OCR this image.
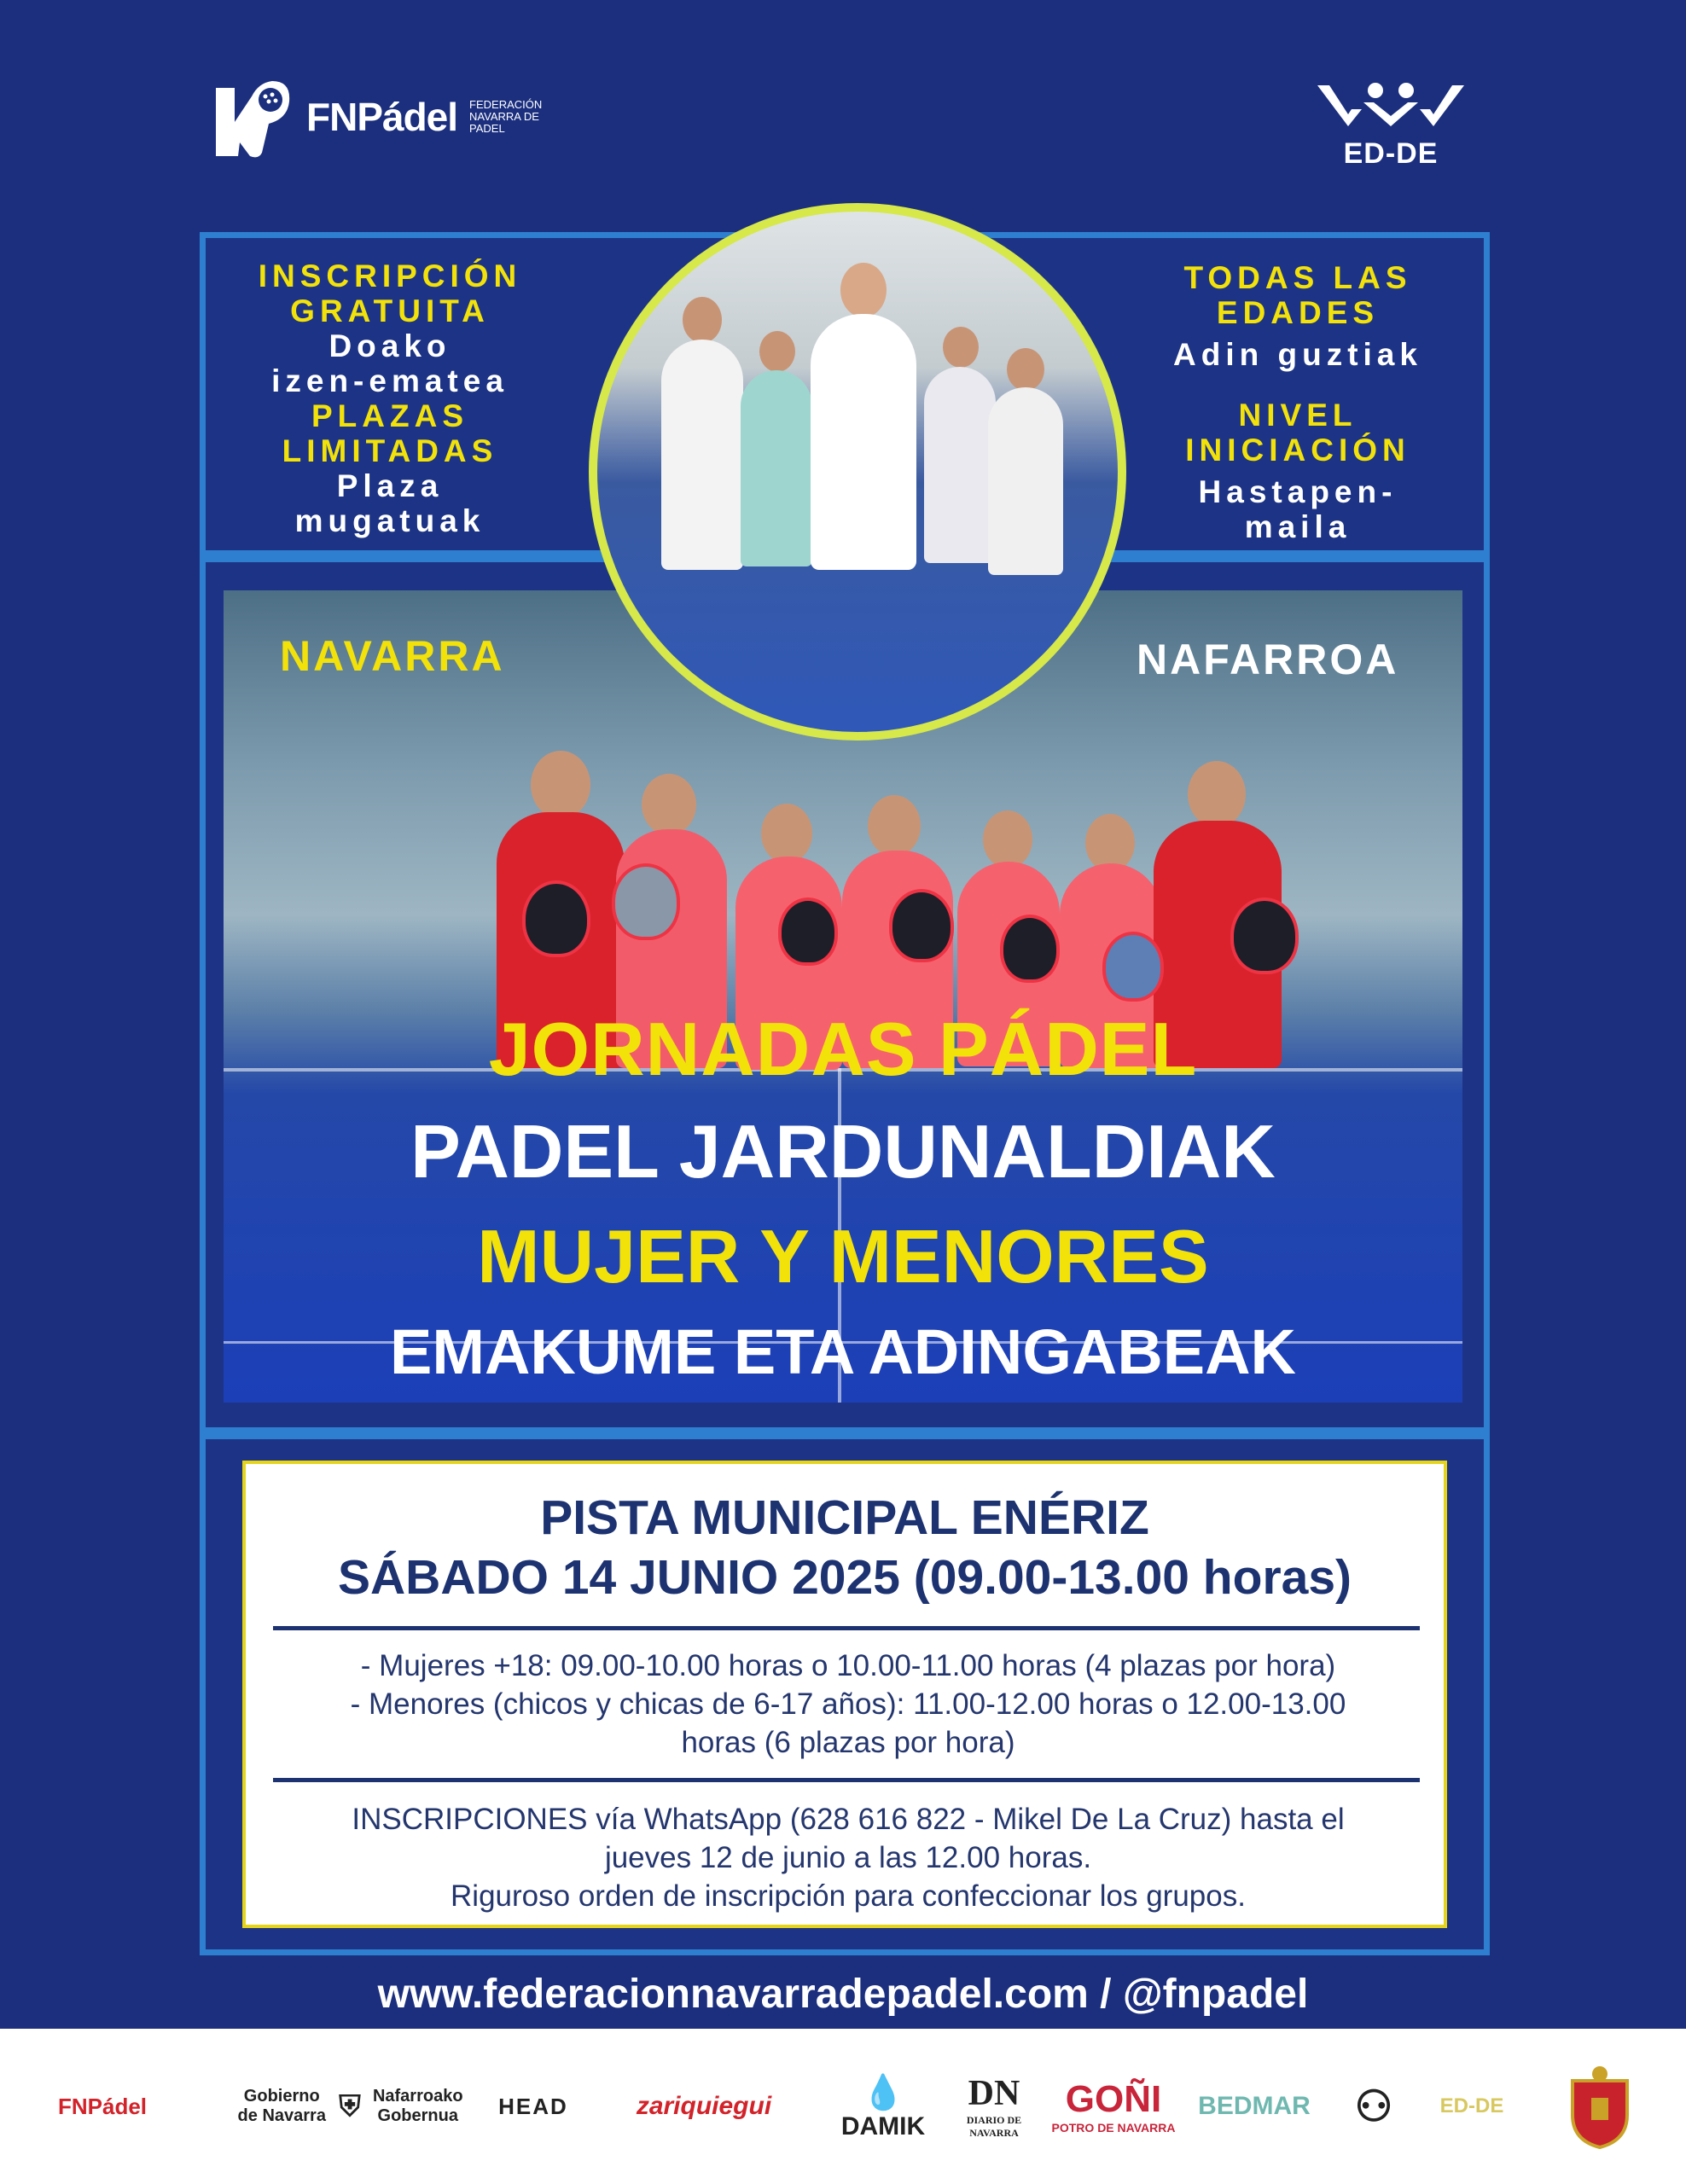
FNPádel FEDERACIÓN NAVARRA DE PADEL
ED-DE
INSCRIPCIÓN
GRATUITA
Doako
izen-ematea
PLAZAS
LIMITADAS
Plaza
mugatuak
TODAS LAS
EDADES
Adin guztiak
NIVEL
INICIACIÓN
Hastapen-
maila
NAVARRA	NAFARROA
JORNADAS PÁDEL
PADEL JARDUNALDIAK
MUJER Y MENORES
EMAKUME ETA ADINGABEAK
PISTA MUNICIPAL ENÉRIZ
SÁBADO 14 JUNIO 2025 (09.00-13.00 horas)
- Mujeres +18: 09.00-10.00 horas o 10.00-11.00 horas (4 plazas por hora)
- Menores (chicos y chicas de 6-17 años): 11.00-12.00 horas o 12.00-13.00
horas (6 plazas por hora)
INSCRIPCIONES vía WhatsApp (628 616 822 - Mikel De La Cruz) hasta el
jueves 12 de junio a las 12.00 horas.
Riguroso orden de inscripción para confeccionar los grupos.
www.federacionnavarradepadel.com / @fnpadel
FNPádel	Gobierno de Navarra ⛨ Nafarroako Gobernua HEAD	zariquiegui	💧
DAMIK
DN
DIARIO DE NAVARRA
GOÑI
POTRO DE NAVARRA
BEDMAR ⚇ ED-DE
